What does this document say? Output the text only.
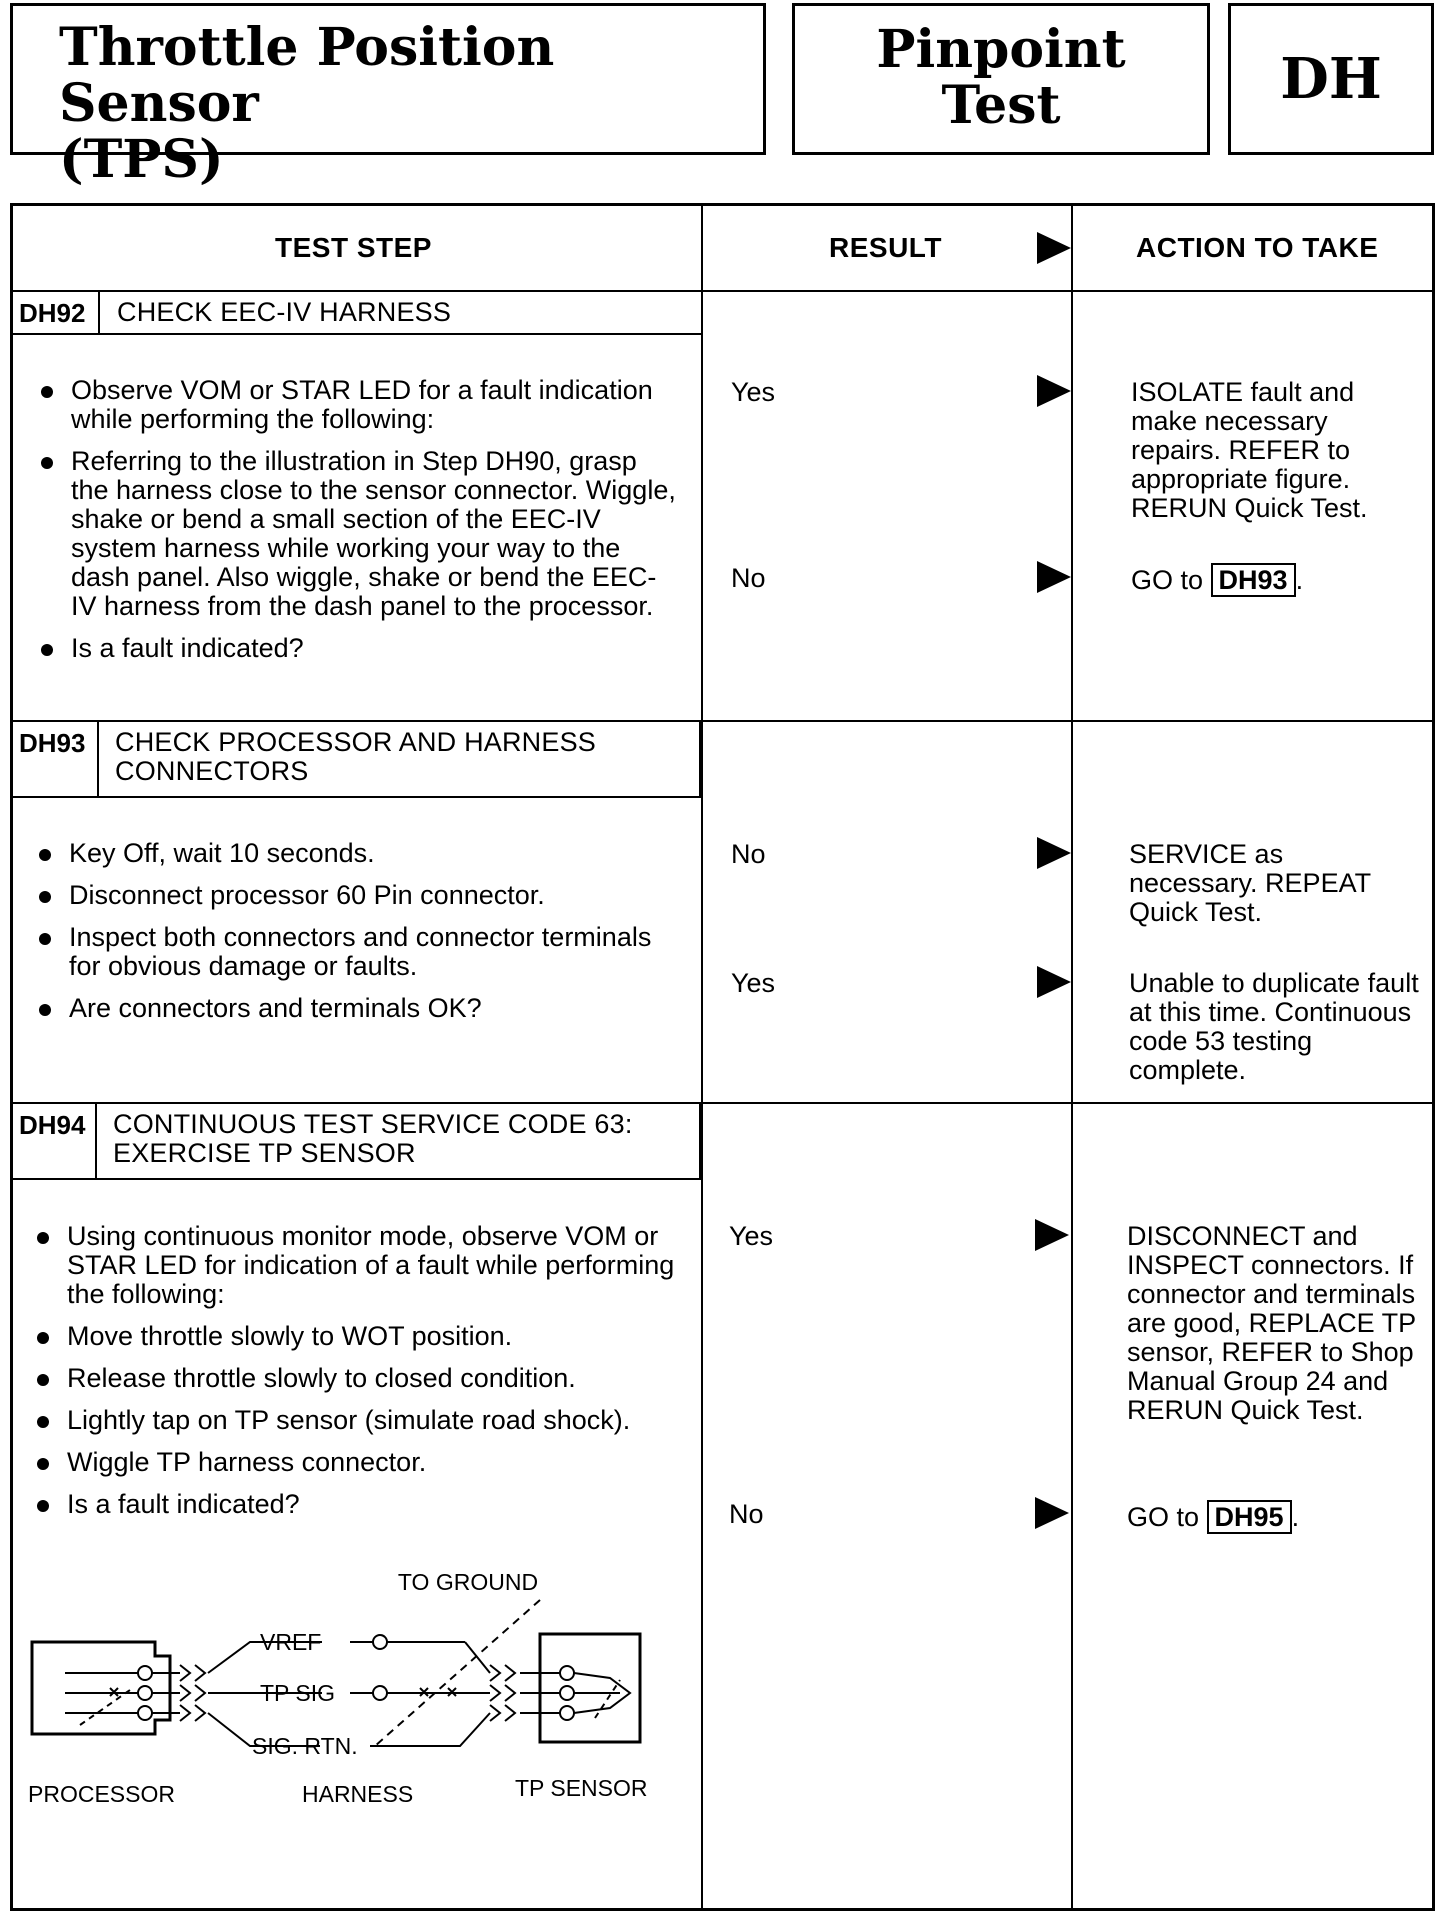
Throttle Position Sensor
(TPS)
Pinpoint
Test	DH
TEST STEP	RESULT	ACTION TO TAKE
DH92 CHECK EEC-IV HARNESS
Observe VOM or STAR LED for a fault indication while performing the following:
Referring to the illustration in Step DH90, grasp the harness close to the sensor connector. Wiggle, shake or bend a small section of the EEC-IV system harness while working your way to the dash panel. Also wiggle, shake or bend the EEC-IV harness from the dash panel to the processor.
Is a fault indicated?
Yes	ISOLATE fault and make necessary repairs. REFER to appropriate figure. RERUN Quick Test.
No	GO to DH93 .
DH93 CHECK PROCESSOR AND HARNESS
CONNECTORS
Key Off, wait 10 seconds.
Disconnect processor 60 Pin connector.
Inspect both connectors and connector terminals for obvious damage or faults.
Are connectors and terminals OK?
No	SERVICE as necessary. REPEAT Quick Test.
Yes	Unable to duplicate fault at this time. Continuous code 53 testing complete.
DH94 CONTINUOUS TEST SERVICE CODE 63:
EXERCISE TP SENSOR
Using continuous monitor mode, observe VOM or STAR LED for indication of a fault while performing the following:
Move throttle slowly to WOT position.
Release throttle slowly to closed condition.
Lightly tap on TP sensor (simulate road shock).
Wiggle TP harness connector.
Is a fault indicated?
Yes	DISCONNECT and INSPECT connectors. If connector and terminals are good, REPLACE TP sensor, REFER to Shop Manual Group 24 and RERUN Quick Test.
No	GO to DH95 .
TO GROUND
VREF
TP SIG
SIG. RTN.
PROCESSOR	HARNESS	TP SENSOR
